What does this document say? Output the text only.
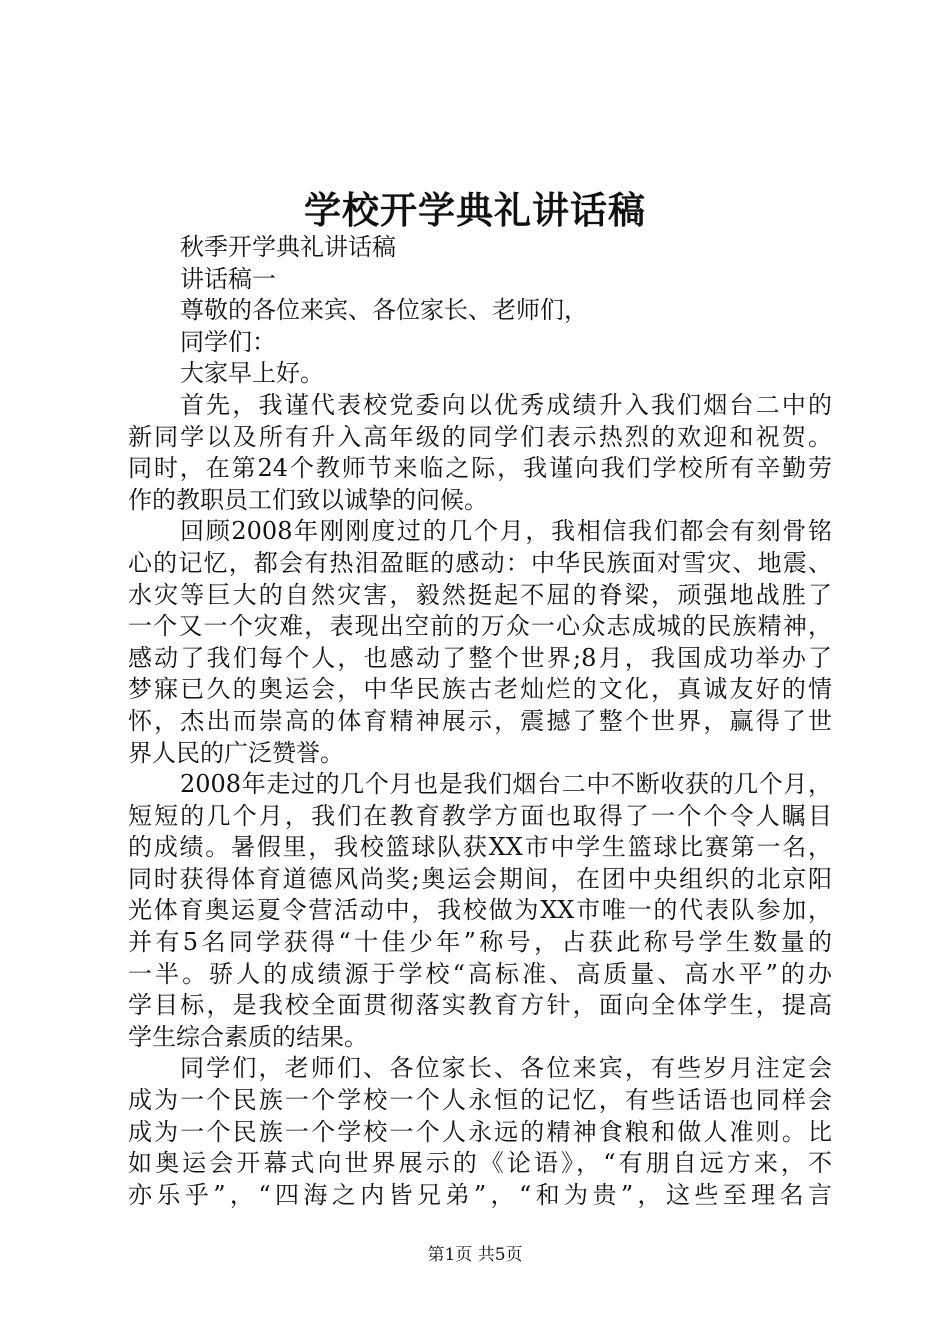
学校开学典礼讲话稿
秋季开学典礼讲话稿
讲话稿一
尊敬的各位来宾、各位家长、老师们，
同学们：
大家早上好。
首先，我谨代表校党委向以优秀成绩升入我们烟台二中的
新同学以及所有升入高年级的同学们表示热烈的欢迎和祝贺。
同时，在第24个教师节来临之际，我谨向我们学校所有辛勤劳
作的教职员工们致以诚挚的问候。
回顾2008年刚刚度过的几个月，我相信我们都会有刻骨铭
心的记忆，都会有热泪盈眶的感动：中华民族面对雪灾、地震、
水灾等巨大的自然灾害，毅然挺起不屈的脊梁，顽强地战胜了
一个又一个灾难，表现出空前的万众一心众志成城的民族精神，
感动了我们每个人，也感动了整个世界;8月，我国成功举办了
梦寐已久的奥运会，中华民族古老灿烂的文化，真诚友好的情
怀，杰出而崇高的体育精神展示，震撼了整个世界，赢得了世
界人民的广泛赞誉。
2008年走过的几个月也是我们烟台二中不断收获的几个月，
短短的几个月，我们在教育教学方面也取得了一个个令人瞩目
的成绩。暑假里，我校篮球队获XX市中学生篮球比赛第一名，
同时获得体育道德风尚奖;奥运会期间，在团中央组织的北京阳
光体育奥运夏令营活动中，我校做为XX市唯一的代表队参加，
并有5名同学获得“十佳少年”称号，占获此称号学生数量的
一半。骄人的成绩源于学校“高标准、高质量、高水平”的办
学目标，是我校全面贯彻落实教育方针，面向全体学生，提高
学生综合素质的结果。
同学们，老师们、各位家长、各位来宾，有些岁月注定会
成为一个民族一个学校一个人永恒的记忆，有些话语也同样会
成为一个民族一个学校一个人永远的精神食粮和做人准则。比
如奥运会开幕式向世界展示的《论语》，“有朋自远方来，不
亦乐乎”，“四海之内皆兄弟”，“和为贵”，这些至理名言
第1页 共5页
